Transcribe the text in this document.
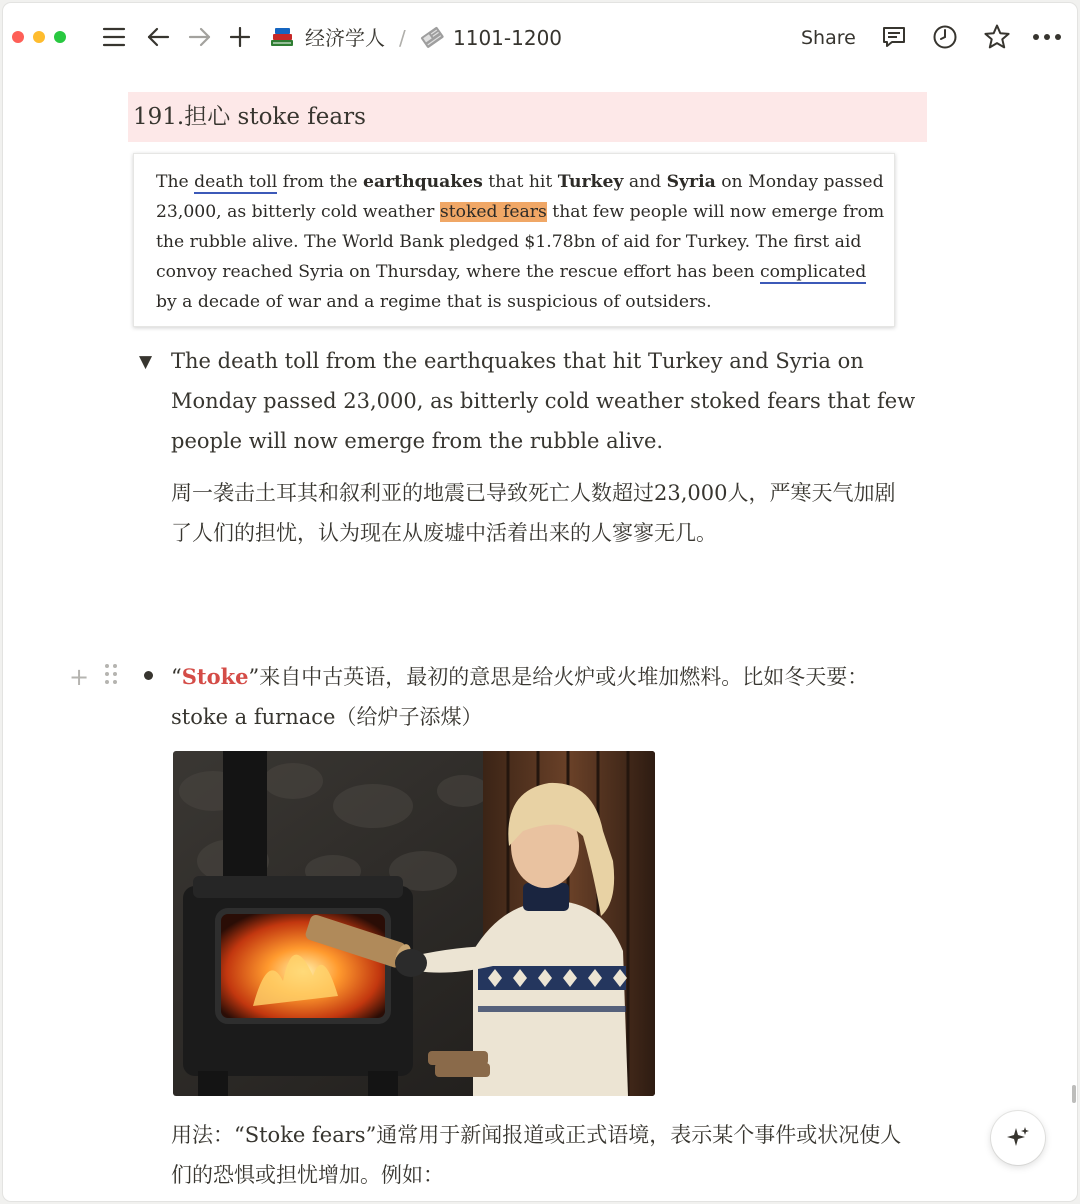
经济学人 / 1101-1200	Share
191.担心 stoke fears
The death toll from the earthquakes that hit Turkey and Syria on Monday passed 23,000, as bitterly cold weather stoked fears that few people will now emerge from the rubble alive. The World Bank pledged $1.78bn of aid for Turkey. The first aid convoy reached Syria on Thursday, where the rescue effort has been complicated by a decade of war and a regime that is suspicious of outsiders.
▼ The death toll from the earthquakes that hit Turkey and Syria on Monday passed 23,000, as bitterly cold weather stoked fears that few people will now emerge from the rubble alive.
周一袭击土耳其和叙利亚的地震已导致死亡人数超过23,000人，严寒天气加剧了人们的担忧，认为现在从废墟中活着出来的人寥寥无几。
+	“Stoke”来自中古英语，最初的意思是给火炉或火堆加燃料。比如冬天要：stoke a furnace（给炉子添煤）
用法：“Stoke fears”通常用于新闻报道或正式语境，表示某个事件或状况使人们的恐惧或担忧增加。例如：
